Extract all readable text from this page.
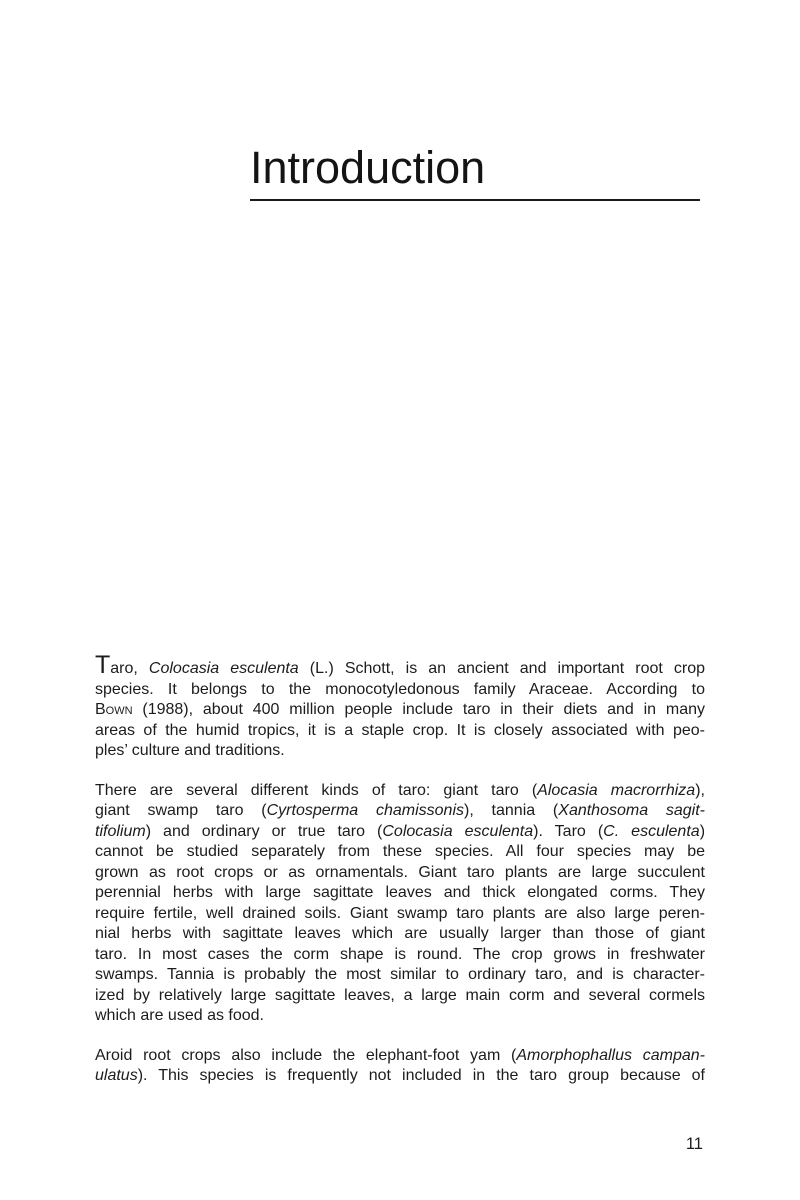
Introduction
Taro, Colocasia esculenta (L.) Schott, is an ancient and important root crop
species. It belongs to the monocotyledonous family Araceae. According to
Bown (1988), about 400 million people include taro in their diets and in many
areas of the humid tropics, it is a staple crop. It is closely associated with peo-
ples’ culture and traditions.
There are several different kinds of taro: giant taro (Alocasia macrorrhiza),
giant swamp taro (Cyrtosperma chamissonis), tannia (Xanthosoma sagit-
tifolium) and ordinary or true taro (Colocasia esculenta). Taro (C. esculenta)
cannot be studied separately from these species. All four species may be
grown as root crops or as ornamentals. Giant taro plants are large succulent
perennial herbs with large sagittate leaves and thick elongated corms. They
require fertile, well drained soils. Giant swamp taro plants are also large peren-
nial herbs with sagittate leaves which are usually larger than those of giant
taro. In most cases the corm shape is round. The crop grows in freshwater
swamps. Tannia is probably the most similar to ordinary taro, and is character-
ized by relatively large sagittate leaves, a large main corm and several cormels
which are used as food.
Aroid root crops also include the elephant-foot yam (Amorphophallus campan-
ulatus). This species is frequently not included in the taro group because of
11
